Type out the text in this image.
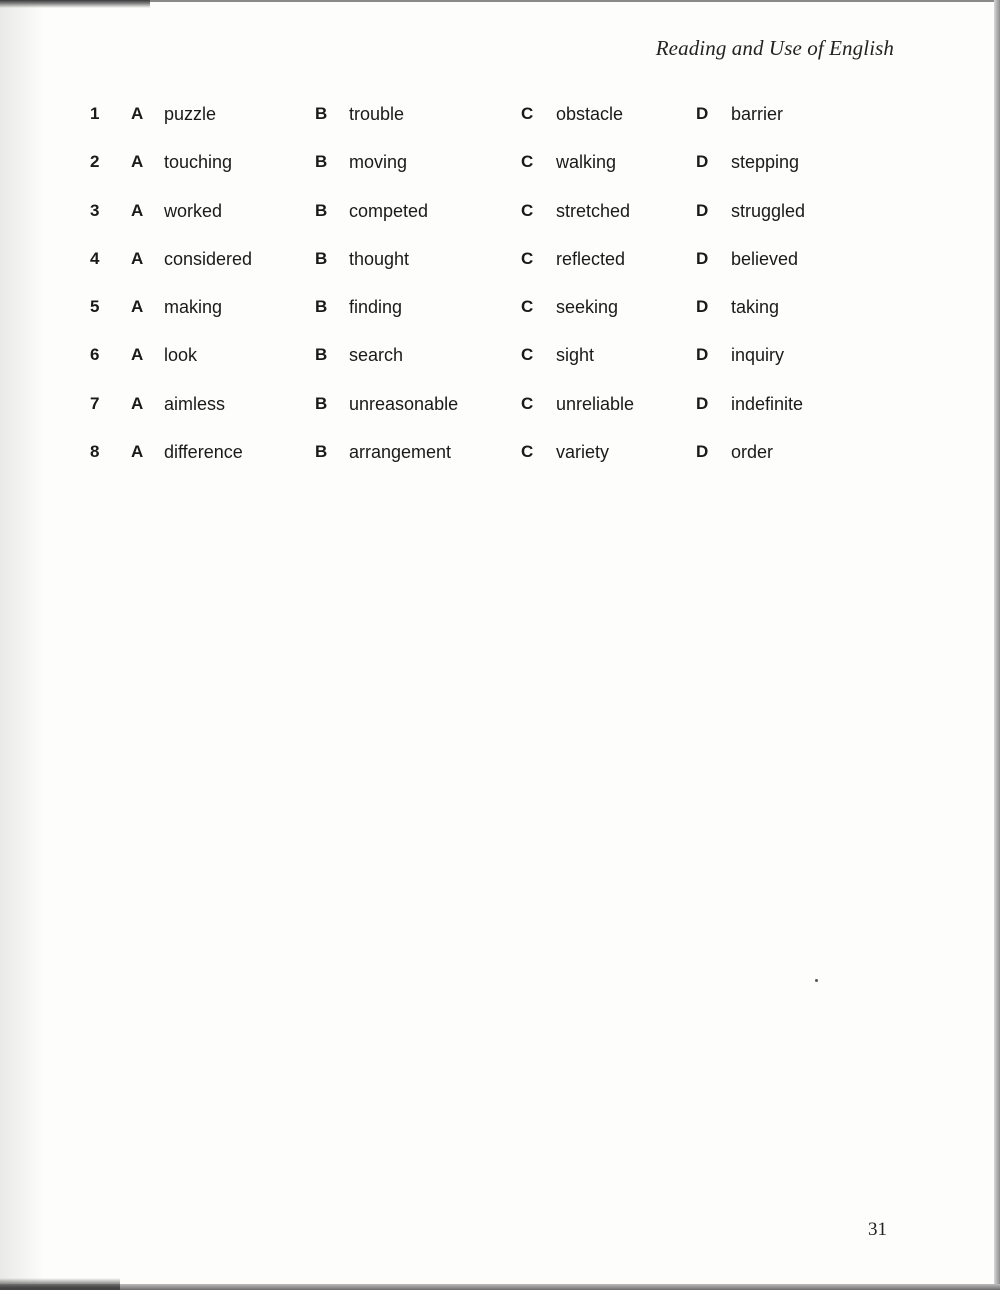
Reading and Use of English
1	A puzzle	B trouble	C obstacle	D barrier
2	A touching	B moving	C walking	D stepping
3	A worked	B competed	C stretched	D struggled
4	A considered	B thought	C reflected	D believed
5	A making	B finding	C seeking	D taking
6	A look	B search	C sight	D inquiry
7	A aimless	B unreasonable	C unreliable	D indefinite
8	A difference	B arrangement	C variety	D order
31
